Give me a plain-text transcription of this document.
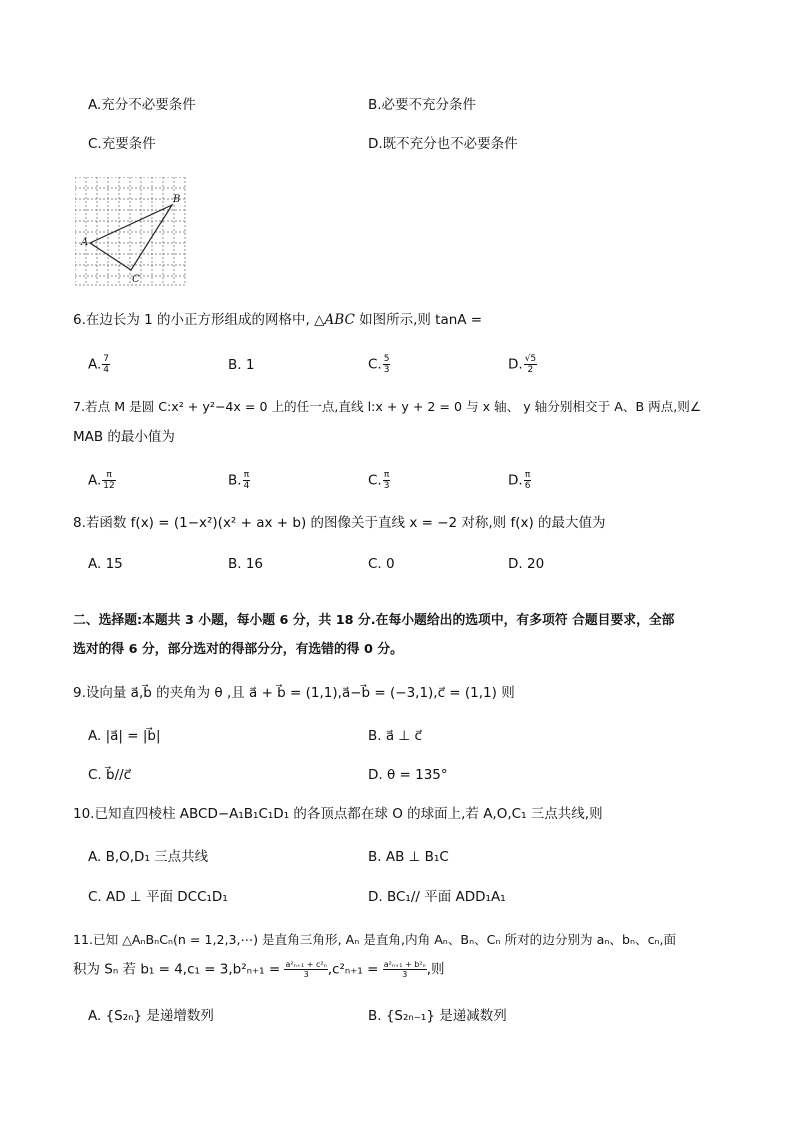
A.充分不必要条件	B.必要不充分条件
C.充要条件	D.既不充分也不必要条件
A
B
C
6.在边长为 1 的小正方形组成的网格中, △ABC 如图所示,则 tanA =
A. $\frac{7}{4}$	B. 1	C. $\frac{5}{3}$	D. $\frac{√5}{2}$
7.若点 M 是圆 C:x² + y²−4x = 0 上的任一点,直线 l:x + y + 2 = 0 与 x 轴、 y 轴分别相交于 A、B 两点,则∠
MAB 的最小值为
A. $\frac{\pi}{12}$	B. $\frac{\pi}{4}$	C. $\frac{\pi}{3}$	D. $\frac{\pi}{6}$
8.若函数 f(x) = (1−x²)(x² + ax + b) 的图像关于直线 x = −2 对称,则 f(x) 的最大值为
A. 15	B. 16	C. 0	D. 20
二、选择题:本题共 3 小题，每小题 6 分，共 18 分.在每小题给出的选项中，有多项符 合题目要求，全部
选对的得 6 分，部分选对的得部分分，有选错的得 0 分。
9.设向量 a⃗,b⃗ 的夹角为 θ ,且 a⃗ + b⃗ = (1,1),a⃗−b⃗ = (−3,1),c⃗ = (1,1) 则
A. |a⃗| = |b⃗|	B. a⃗ ⊥ c⃗
C. b⃗//c⃗	D. θ = 135°
10.已知直四棱柱 ABCD−A₁B₁C₁D₁ 的各顶点都在球 O 的球面上,若 A,O,C₁ 三点共线,则
A. B,O,D₁ 三点共线	B. AB ⊥ B₁C
C. AD ⊥ 平面 DCC₁D₁	D. BC₁// 平面 ADD₁A₁
11.已知 △AₙBₙCₙ(n = 1,2,3,⋯) 是直角三角形, Aₙ 是直角,内角 Aₙ、Bₙ、Cₙ 所对的边分别为 aₙ、bₙ、cₙ,面
积为 Sₙ 若 $b_1 = 4,c_1 = 3,b^2_{n+1} = \frac{\text{a²ₙ₊₁ + c²ₙ}}{3} ,c^2_{n+1} = \frac{\text{a²ₙ₊₁ + b²ₙ}}{3}$ ,则
A. {S₂ₙ} 是递增数列	B. {S₂ₙ₋₁} 是递减数列
